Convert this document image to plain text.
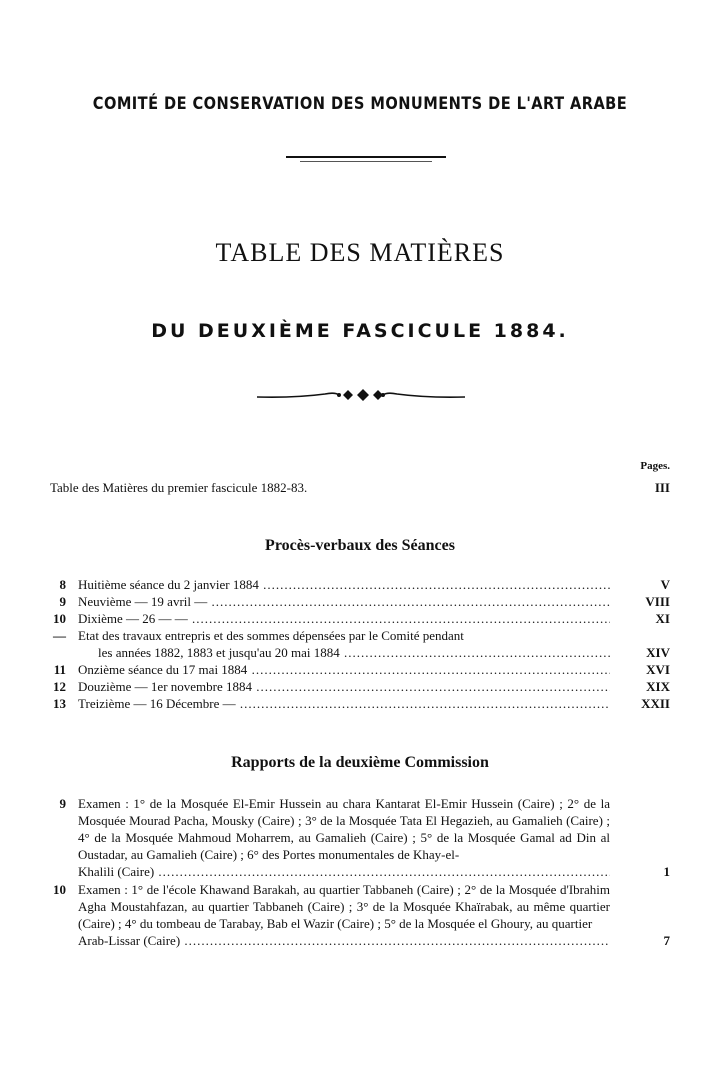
COMITÉ DE CONSERVATION DES MONUMENTS DE L'ART ARABE
TABLE DES MATIÈRES
DU DEUXIÈME FASCICULE 1884.
Pages.
Table des Matières du premier fascicule 1882-83.	III
Procès-verbaux des Séances
8 Huitième séance du 2 janvier 1884 .....	V
9 Neuvième — 19 avril — .....	VIII
10 Dixième — 26 — — .....	XI
— Etat des travaux entrepris et des sommes dépensées par le Comité pendant
les années 1882, 1883 et jusqu'au 20 mai 1884 .....	XIV
11 Onzième séance du 17 mai 1884 .....	XVI
12 Douzième — 1er novembre 1884 .....	XIX
13 Treizième — 16 Décembre — .....	XXII
Rapports de la deuxième Commission
9 Examen : 1° de la Mosquée El-Emir Hussein au chara Kantarat El-Emir Hussein (Caire) ; 2° de la Mosquée Mourad Pacha, Mousky (Caire) ; 3° de la Mosquée Tata El Hegazieh, au Gamalieh (Caire) ; 4° de la Mosquée Mahmoud Moharrem, au Gamalieh (Caire) ; 5° de la Mosquée Gamal ad Din al Oustadar, au Gamalieh (Caire) ; 6° des Portes monumentales de Khay-el-
Khalili (Caire) .....	1
10 Examen : 1° de l'école Khawand Barakah, au quartier Tabbaneh (Caire) ; 2° de la Mosquée d'Ibrahim Agha Moustahfazan, au quartier Tabbaneh (Caire) ; 3° de la Mosquée Khaïrabak, au même quartier (Caire) ; 4° du tombeau de Tarabay, Bab el Wazir (Caire) ; 5° de la Mosquée el Ghoury, au quartier
Arab-Lissar (Caire) .....	7
